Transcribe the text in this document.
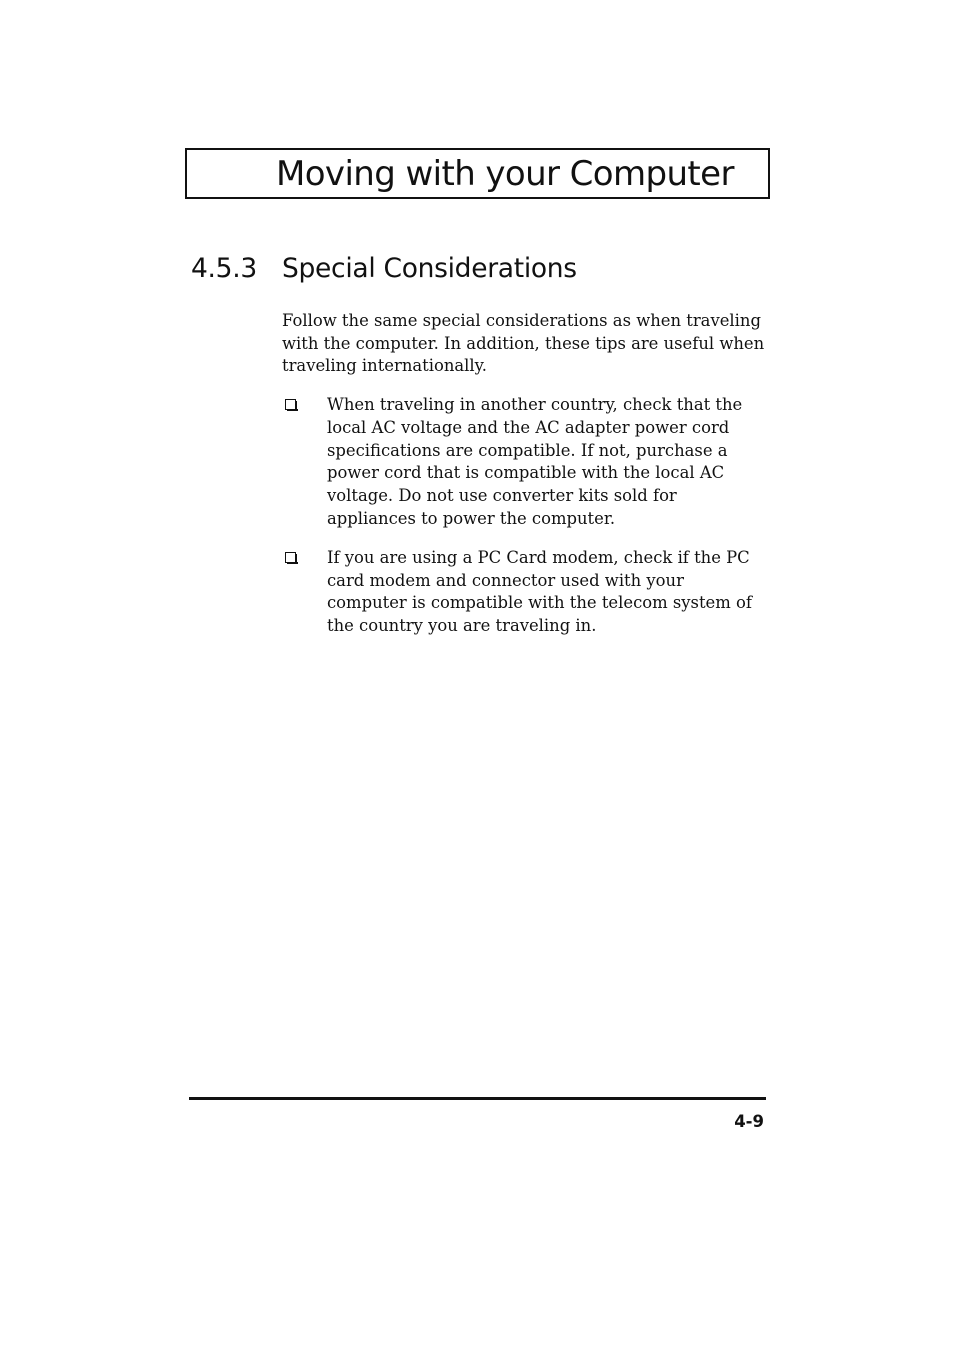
Moving with your Computer
4.5.3 Special Considerations

Follow the same special considerations as when traveling with the computer. In addition, these tips are useful when traveling internationally.

When traveling in another country, check that the local AC voltage and the AC adapter power cord specifications are compatible. If not, purchase a power cord that is compatible with the local AC voltage. Do not use converter kits sold for appliances to power the computer.
If you are using a PC Card modem, check if the PC card modem and connector used with your computer is compatible with the telecom system of the country you are traveling in.
4-9
